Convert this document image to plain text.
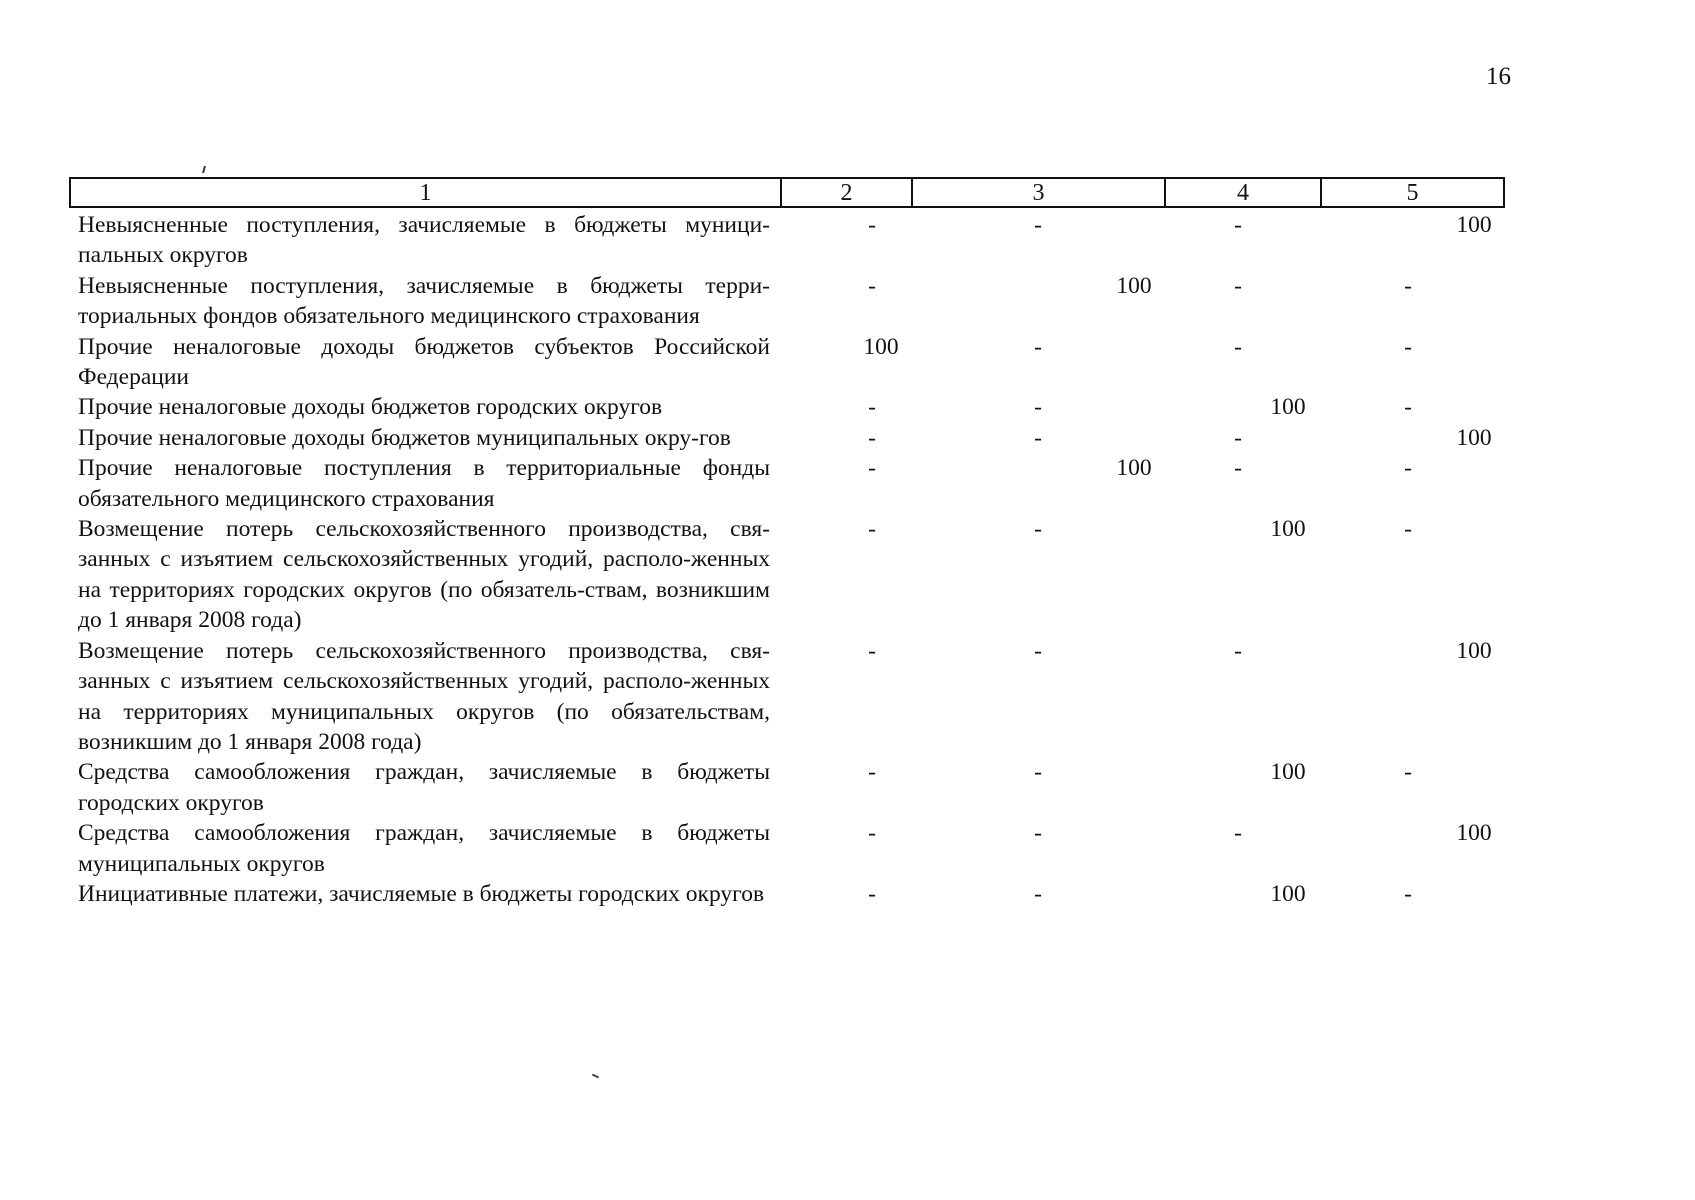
16
1	2	3	4	5
Невыясненные поступления, зачисляемые в бюджеты муници-пальных округов
-	-	-	100
Невыясненные поступления, зачисляемые в бюджеты терри-ториальных фондов обязательного медицинского страхования
-	100	-	-
Прочие неналоговые доходы бюджетов субъектов Российской Федерации
100	-	-	-
Прочие неналоговые доходы бюджетов городских округов	-	-	100	-
Прочие неналоговые доходы бюджетов муниципальных окру-гов	-	-	-	100
Прочие неналоговые поступления в территориальные фонды обязательного медицинского страхования
-	100	-	-
Возмещение потерь сельскохозяйственного производства, свя-занных с изъятием сельскохозяйственных угодий, располо-женных на территориях городских округов (по обязатель-ствам, возникшим до 1 января 2008 года)
-	-	100	-
Возмещение потерь сельскохозяйственного производства, свя-занных с изъятием сельскохозяйственных угодий, располо-женных на территориях муниципальных округов (по обязательствам, возникшим до 1 января 2008 года)
-	-	-	100
Средства самообложения граждан, зачисляемые в бюджеты городских округов
-	-	100	-
Средства самообложения граждан, зачисляемые в бюджеты муниципальных округов
-	-	-	100
Инициативные платежи, зачисляемые в бюджеты городских округов	-	-	100	-
